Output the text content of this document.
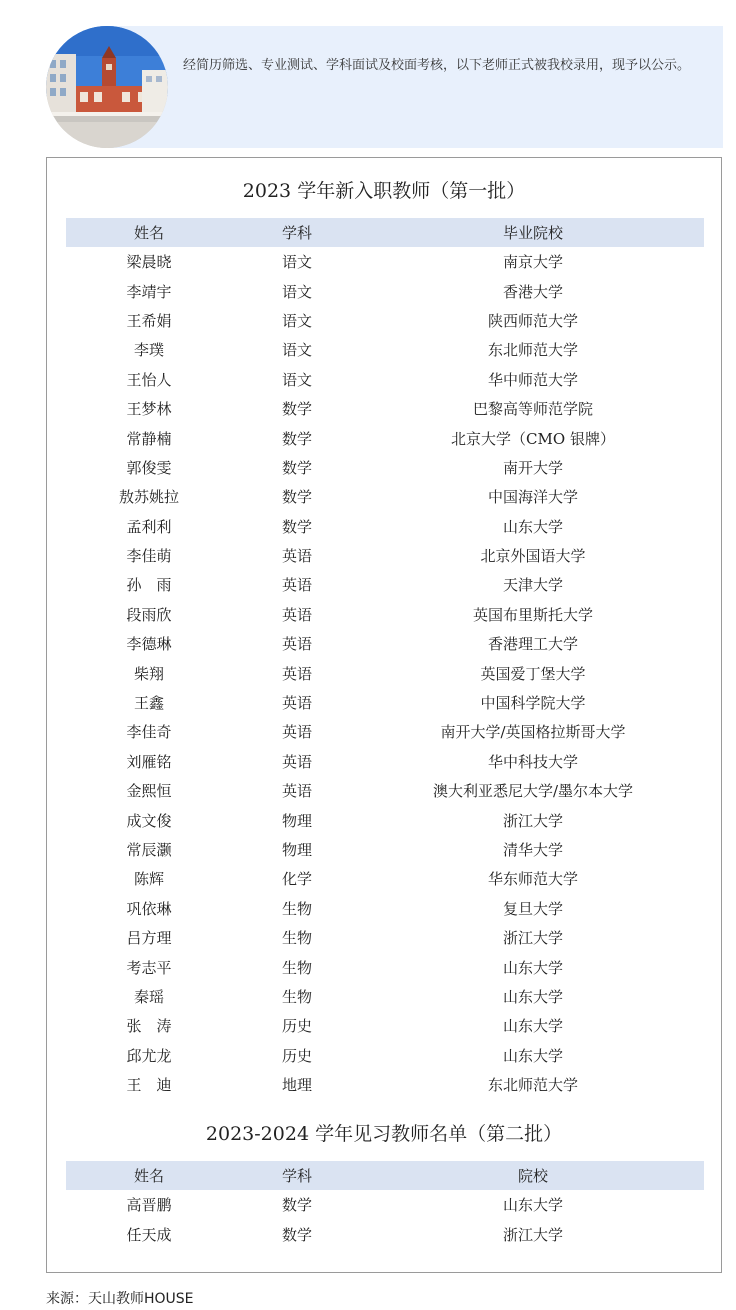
经简历筛选、专业测试、学科面试及校面考核，以下老师正式被我校录用，现予以公示。
2023 学年新入职教师（第一批）
姓名	学科	毕业院校
梁晨晓	语文	南京大学
李靖宇	语文	香港大学
王希娟	语文	陕西师范大学
李璞	语文	东北师范大学
王怡人	语文	华中师范大学
王梦林	数学	巴黎高等师范学院
常静楠	数学	北京大学（CMO 银牌）
郭俊雯	数学	南开大学
敖苏姚拉	数学	中国海洋大学
孟利利	数学	山东大学
李佳萌	英语	北京外国语大学
孙　雨	英语	天津大学
段雨欣	英语	英国布里斯托大学
李德琳	英语	香港理工大学
柴翔	英语	英国爱丁堡大学
王鑫	英语	中国科学院大学
李佳奇	英语	南开大学/英国格拉斯哥大学
刘雁铭	英语	华中科技大学
金熙恒	英语	澳大利亚悉尼大学/墨尔本大学
成文俊	物理	浙江大学
常辰灏	物理	清华大学
陈辉	化学	华东师范大学
巩依琳	生物	复旦大学
吕方理	生物	浙江大学
考志平	生物	山东大学
秦瑶	生物	山东大学
张　涛	历史	山东大学
邱尤龙	历史	山东大学
王　迪	地理	东北师范大学
2023-2024 学年见习教师名单（第二批）
姓名	学科	院校
高晋鹏	数学	山东大学
任天成	数学	浙江大学
来源：天山教师HOUSE
